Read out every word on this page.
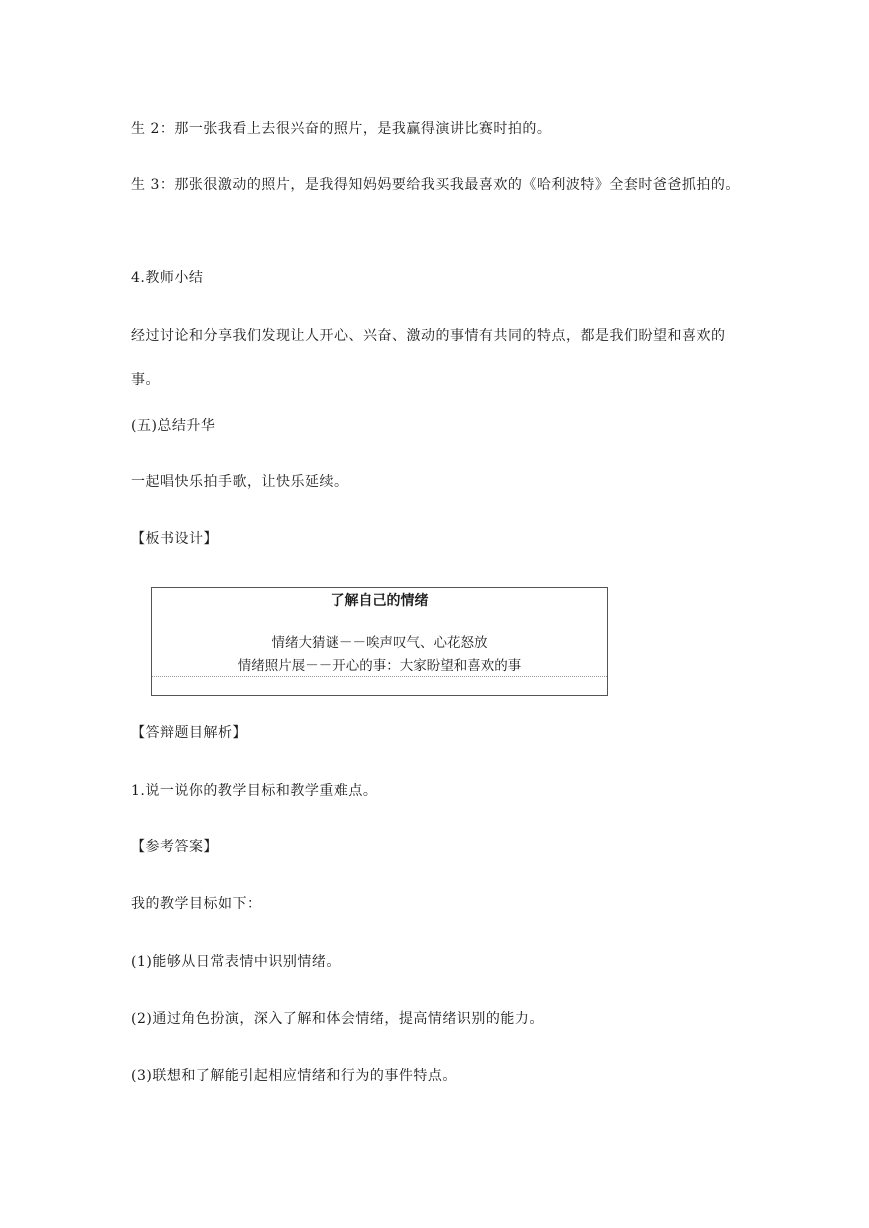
生 2：那一张我看上去很兴奋的照片，是我赢得演讲比赛时拍的。

生 3：那张很激动的照片，是我得知妈妈要给我买我最喜欢的《哈利波特》全套时爸爸抓拍的。

4.教师小结

经过讨论和分享我们发现让人开心、兴奋、激动的事情有共同的特点，都是我们盼望和喜欢的事。

(五)总结升华

一起唱快乐拍手歌，让快乐延续。

【板书设计】

了解自己的情绪
情绪大猜谜－－唉声叹气、心花怒放
情绪照片展－－开心的事：大家盼望和喜欢的事

【答辩题目解析】

1.说一说你的教学目标和教学重难点。

【参考答案】

我的教学目标如下：

(1)能够从日常表情中识别情绪。

(2)通过角色扮演，深入了解和体会情绪，提高情绪识别的能力。

(3)联想和了解能引起相应情绪和行为的事件特点。
